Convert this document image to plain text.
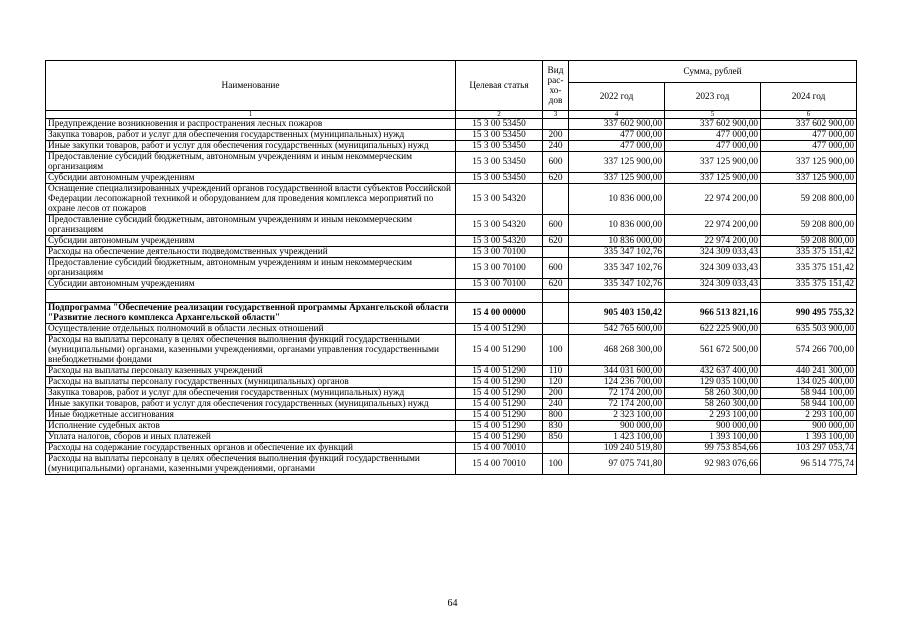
Наименование	Целевая статья	Вид рас-хо-дов	Сумма, рублей		
			2022 год	2023 год	2024 год
1	2	3	4	5	6
Предупреждение возникновения и распространения лесных пожаров	15 3 00 53450		337 602 900,00	337 602 900,00	337 602 900,00
Закупка товаров, работ и услуг для обеспечения государственных (муниципальных) нужд	15 3 00 53450	200	477 000,00	477 000,00	477 000,00
Иные закупки товаров, работ и услуг для обеспечения государственных (муниципальных) нужд	15 3 00 53450	240	477 000,00	477 000,00	477 000,00
Предоставление субсидий бюджетным, автономным учреждениям и иным некоммерческим организациям	15 3 00 53450	600	337 125 900,00	337 125 900,00	337 125 900,00
Субсидии автономным учреждениям	15 3 00 53450	620	337 125 900,00	337 125 900,00	337 125 900,00
Оснащение специализированных учреждений органов государственной власти субъектов Российской Федерации лесопожарной техникой и оборудованием для проведения комплекса мероприятий по охране лесов от пожаров	15 3 00 54320		10 836 000,00	22 974 200,00	59 208 800,00
Предоставление субсидий бюджетным, автономным учреждениям и иным некоммерческим организациям	15 3 00 54320	600	10 836 000,00	22 974 200,00	59 208 800,00
Субсидии автономным учреждениям	15 3 00 54320	620	10 836 000,00	22 974 200,00	59 208 800,00
Расходы на обеспечение деятельности подведомственных учреждений	15 3 00 70100		335 347 102,76	324 309 033,43	335 375 151,42
Предоставление субсидий бюджетным, автономным учреждениям и иным некоммерческим организациям	15 3 00 70100	600	335 347 102,76	324 309 033,43	335 375 151,42
Субсидии автономным учреждениям	15 3 00 70100	620	335 347 102,76	324 309 033,43	335 375 151,42

Подпрограмма "Обеспечение реализации государственной программы Архангельской области "Развитие лесного комплекса Архангельской области"	15 4 00 00000		905 403 150,42	966 513 821,16	990 495 755,32
Осуществление отдельных полномочий в области лесных отношений	15 4 00 51290		542 765 600,00	622 225 900,00	635 503 900,00
Расходы на выплаты персоналу в целях обеспечения выполнения функций государственными (муниципальными) органами, казенными учреждениями, органами управления государственными внебюджетными фондами	15 4 00 51290	100	468 268 300,00	561 672 500,00	574 266 700,00
Расходы на выплаты персоналу казенных учреждений	15 4 00 51290	110	344 031 600,00	432 637 400,00	440 241 300,00
Расходы на выплаты персоналу государственных (муниципальных) органов	15 4 00 51290	120	124 236 700,00	129 035 100,00	134 025 400,00
Закупка товаров, работ и услуг для обеспечения государственных (муниципальных) нужд	15 4 00 51290	200	72 174 200,00	58 260 300,00	58 944 100,00
Иные закупки товаров, работ и услуг для обеспечения государственных (муниципальных) нужд	15 4 00 51290	240	72 174 200,00	58 260 300,00	58 944 100,00
Иные бюджетные ассигнования	15 4 00 51290	800	2 323 100,00	2 293 100,00	2 293 100,00
Исполнение судебных актов	15 4 00 51290	830	900 000,00	900 000,00	900 000,00
Уплата налогов, сборов и иных платежей	15 4 00 51290	850	1 423 100,00	1 393 100,00	1 393 100,00
Расходы на содержание государственных органов и обеспечение их функций	15 4 00 70010		109 240 519,80	99 753 854,66	103 297 053,74
Расходы на выплаты персоналу в целях обеспечения выполнения функций государственными (муниципальными) органами, казенными учреждениями, органами	15 4 00 70010	100	97 075 741,80	92 983 076,66	96 514 775,74
64
